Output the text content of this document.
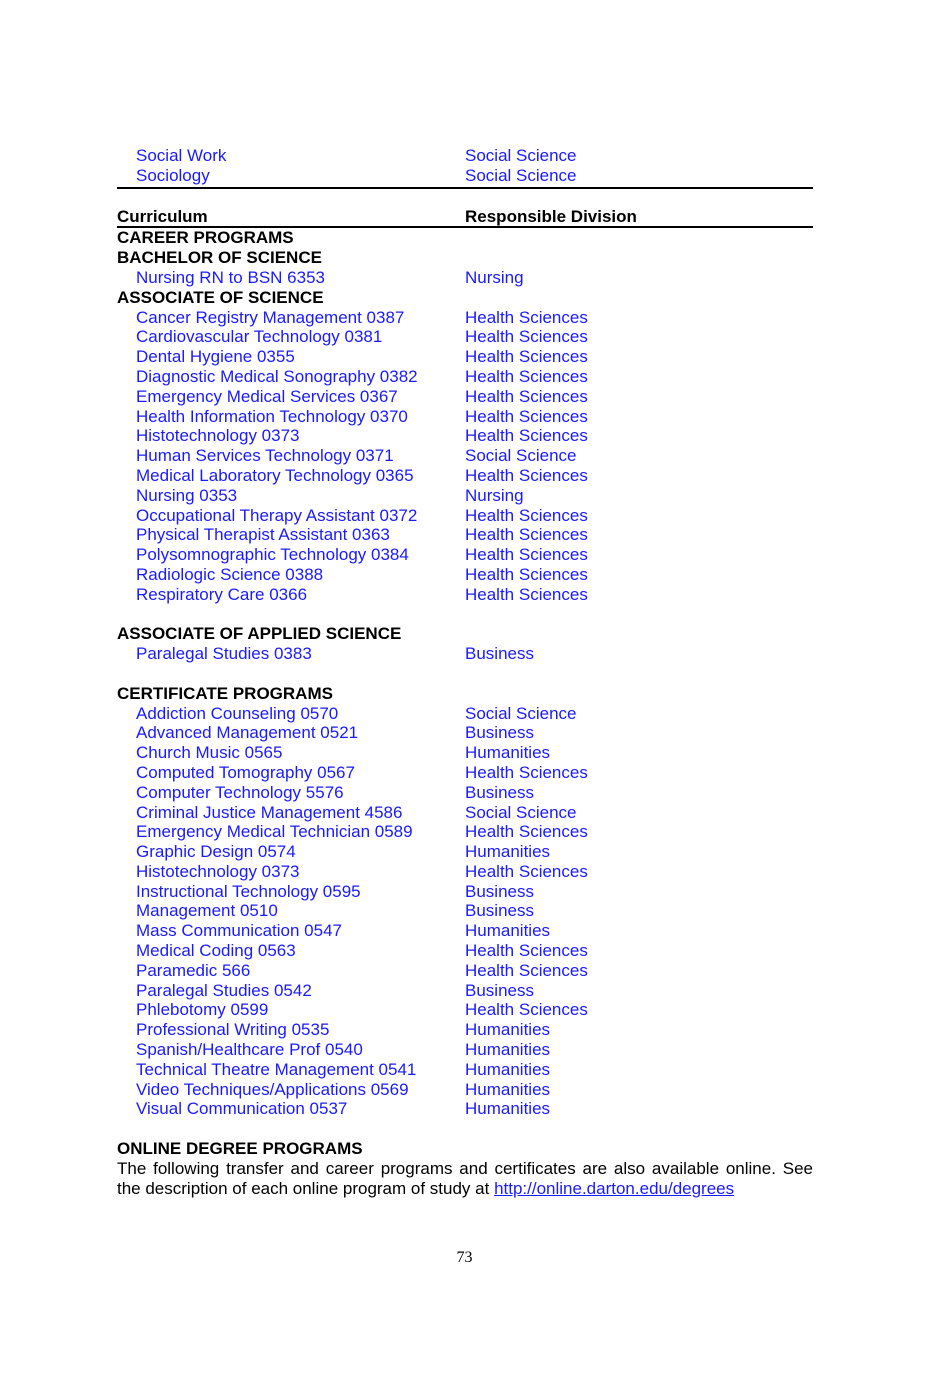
Social Work	Social Science
Sociology	Social Science
Curriculum	Responsible Division
CAREER PROGRAMS
BACHELOR OF SCIENCE
Nursing RN to BSN 6353	Nursing
ASSOCIATE OF SCIENCE
Cancer Registry Management 0387	Health Sciences
Cardiovascular Technology 0381	Health Sciences
Dental Hygiene 0355	Health Sciences
Diagnostic Medical Sonography 0382	Health Sciences
Emergency Medical Services 0367	Health Sciences
Health Information Technology 0370	Health Sciences
Histotechnology 0373	Health Sciences
Human Services Technology 0371	Social Science
Medical Laboratory Technology 0365	Health Sciences
Nursing 0353	Nursing
Occupational Therapy Assistant 0372	Health Sciences
Physical Therapist Assistant 0363	Health Sciences
Polysomnographic Technology 0384	Health Sciences
Radiologic Science 0388	Health Sciences
Respiratory Care 0366	Health Sciences
ASSOCIATE OF APPLIED SCIENCE
Paralegal Studies 0383	Business
CERTIFICATE PROGRAMS
Addiction Counseling 0570	Social Science
Advanced Management 0521	Business
Church Music 0565	Humanities
Computed Tomography 0567	Health Sciences
Computer Technology 5576	Business
Criminal Justice Management 4586	Social Science
Emergency Medical Technician 0589	Health Sciences
Graphic Design 0574	Humanities
Histotechnology 0373	Health Sciences
Instructional Technology 0595	Business
Management 0510	Business
Mass Communication 0547	Humanities
Medical Coding 0563	Health Sciences
Paramedic 566	Health Sciences
Paralegal Studies 0542	Business
Phlebotomy 0599	Health Sciences
Professional Writing 0535	Humanities
Spanish/Healthcare Prof 0540	Humanities
Technical Theatre Management 0541	Humanities
Video Techniques/Applications 0569	Humanities
Visual Communication 0537	Humanities
ONLINE DEGREE PROGRAMS
The following transfer and career programs and certificates are also available online. See the description of each online program of study at http://online.darton.edu/degrees
73
